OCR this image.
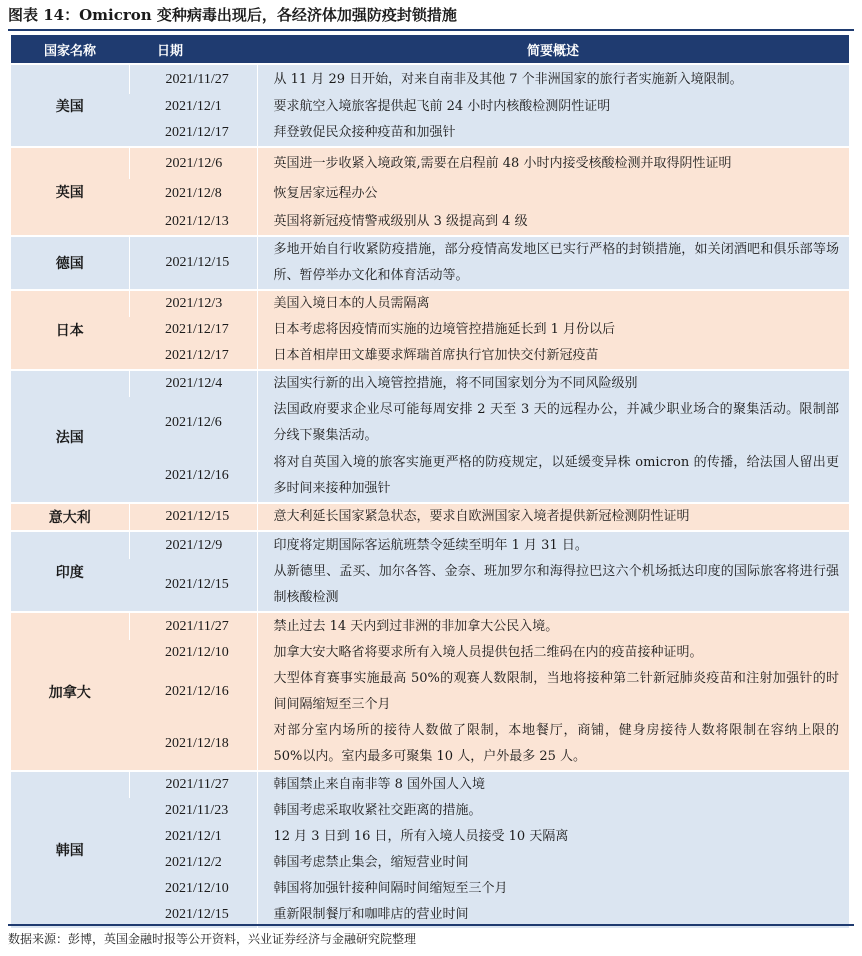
图表 14：Omicron 变种病毒出现后，各经济体加强防疫封锁措施
国家名称	日期	简要概述
美国	2021/11/27	从 11 月 29 日开始，对来自南非及其他 7 个非洲国家的旅行者实施新入境限制。
	2021/12/1	要求航空入境旅客提供起飞前 24 小时内核酸检测阴性证明
	2021/12/17	拜登敦促民众接种疫苗和加强针
英国	2021/12/6	英国进一步收紧入境政策,需要在启程前 48 小时内接受核酸检测并取得阴性证明
	2021/12/8	恢复居家远程办公
	2021/12/13	英国将新冠疫情警戒级别从 3 级提高到 4 级
德国	2021/12/15	多地开始自行收紧防疫措施，部分疫情高发地区已实行严格的封锁措施，如关闭酒吧和俱乐部等场所、暂停举办文化和体育活动等。
日本	2021/12/3	美国入境日本的人员需隔离
	2021/12/17	日本考虑将因疫情而实施的边境管控措施延长到 1 月份以后
	2021/12/17	日本首相岸田文雄要求辉瑞首席执行官加快交付新冠疫苗
法国	2021/12/4	法国实行新的出入境管控措施，将不同国家划分为不同风险级别
	2021/12/6	法国政府要求企业尽可能每周安排 2 天至 3 天的远程办公，并减少职业场合的聚集活动。限制部分线下聚集活动。
	2021/12/16	将对自英国入境的旅客实施更严格的防疫规定，以延缓变异株 omicron 的传播，给法国人留出更多时间来接种加强针
意大利	2021/12/15	意大利延长国家紧急状态，要求自欧洲国家入境者提供新冠检测阴性证明
印度	2021/12/9	印度将定期国际客运航班禁令延续至明年 1 月 31 日。
	2021/12/15	从新德里、孟买、加尔各答、金奈、班加罗尔和海得拉巴这六个机场抵达印度的国际旅客将进行强制核酸检测
加拿大	2021/11/27	禁止过去 14 天内到过非洲的非加拿大公民入境。
	2021/12/10	加拿大安大略省将要求所有入境人员提供包括二维码在内的疫苗接种证明。
	2021/12/16	大型体育赛事实施最高 50%的观赛人数限制，当地将接种第二针新冠肺炎疫苗和注射加强针的时间间隔缩短至三个月
	2021/12/18	对部分室内场所的接待人数做了限制，本地餐厅，商铺，健身房接待人数将限制在容纳上限的 50%以内。室内最多可聚集 10 人，户外最多 25 人。
韩国	2021/11/27	韩国禁止来自南非等 8 国外国人入境
	2021/11/23	韩国考虑采取收紧社交距离的措施。
	2021/12/1	12 月 3 日到 16 日，所有入境人员接受 10 天隔离
	2021/12/2	韩国考虑禁止集会，缩短营业时间
	2021/12/10	韩国将加强针接种间隔时间缩短至三个月
	2021/12/15	重新限制餐厅和咖啡店的营业时间
数据来源：彭博，英国金融时报等公开资料，兴业证券经济与金融研究院整理
